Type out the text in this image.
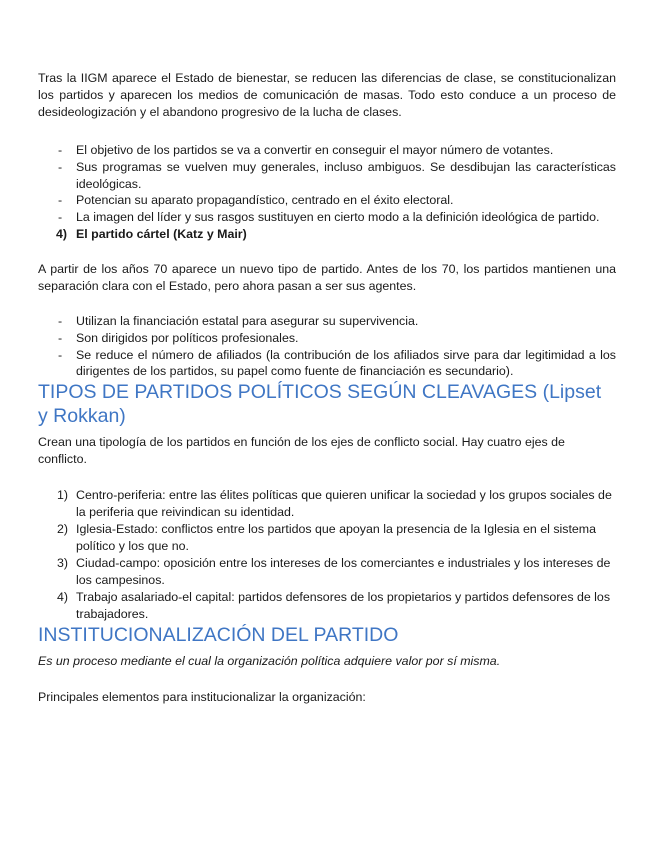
Tras la IIGM aparece el Estado de bienestar, se reducen las diferencias de clase, se constitucionalizan los partidos y aparecen los medios de comunicación de masas. Todo esto conduce a un proceso de desideologización y el abandono progresivo de la lucha de clases.

- El objetivo de los partidos se va a convertir en conseguir el mayor número de votantes.
- Sus programas se vuelven muy generales, incluso ambiguos. Se desdibujan las características ideológicas.
- Potencian su aparato propagandístico, centrado en el éxito electoral.
- La imagen del líder y sus rasgos sustituyen en cierto modo a la definición ideológica de partido.
4) El partido cártel (Katz y Mair)

A partir de los años 70 aparece un nuevo tipo de partido. Antes de los 70, los partidos mantienen una separación clara con el Estado, pero ahora pasan a ser sus agentes.

- Utilizan la financiación estatal para asegurar su supervivencia.
- Son dirigidos por políticos profesionales.
- Se reduce el número de afiliados (la contribución de los afiliados sirve para dar legitimidad a los dirigentes de los partidos, su papel como fuente de financiación es secundario).
TIPOS DE PARTIDOS POLÍTICOS SEGÚN CLEAVAGES (Lipset y Rokkan)

Crean una tipología de los partidos en función de los ejes de conflicto social. Hay cuatro ejes de conflicto.

1) Centro-periferia: entre las élites políticas que quieren unificar la sociedad y los grupos sociales de la periferia que reivindican su identidad.
2) Iglesia-Estado: conflictos entre los partidos que apoyan la presencia de la Iglesia en el sistema político y los que no.
3) Ciudad-campo: oposición entre los intereses de los comerciantes e industriales y los intereses de los campesinos.
4) Trabajo asalariado-el capital: partidos defensores de los propietarios y partidos defensores de los trabajadores.
INSTITUCIONALIZACIÓN DEL PARTIDO

Es un proceso mediante el cual la organización política adquiere valor por sí misma.

Principales elementos para institucionalizar la organización:
